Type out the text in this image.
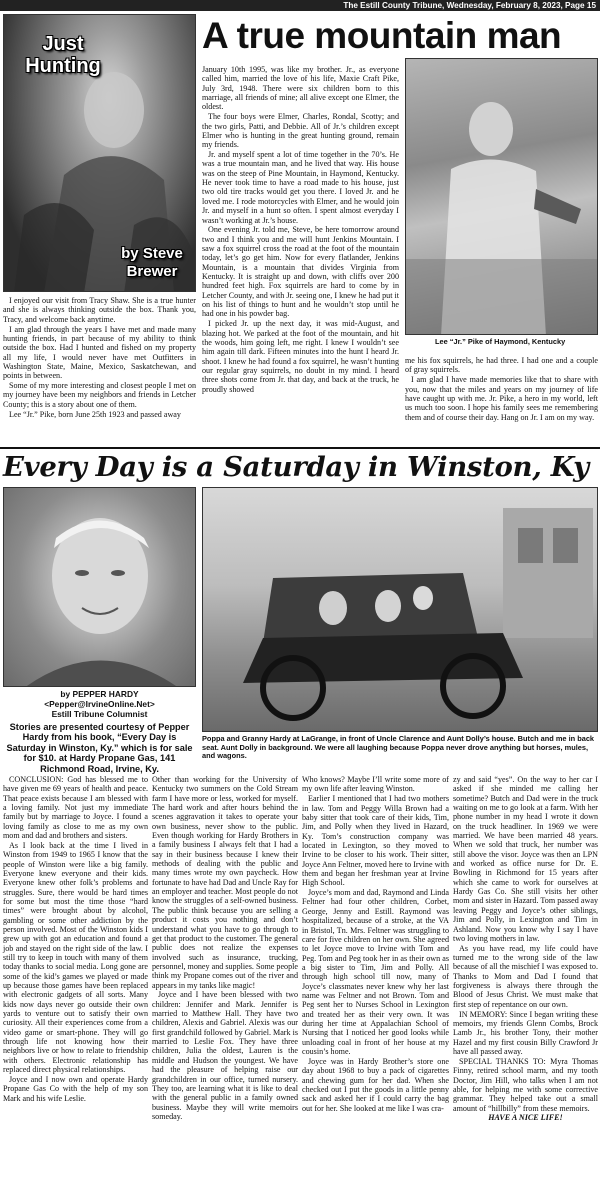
The Estill County Tribune, Wednesday, February 8, 2023, Page 15
Just Hunting
by Steve Brewer
A true mountain man
Lee “Jr.” Pike of Haymond, Kentucky

I enjoyed our visit from Tracy Shaw. She is a true hunter and she is always thinking outside the box. Thank you, Tracy, and welcome back anytime.

I am glad through the years I have met and made many hunting friends, in part because of my ability to think outside the box. Had I hunted and fished on my property all my life, I would never have met Outfitters in Washington State, Maine, Mexico, Saskatchewan, and points in between.

Some of my more interesting and closest people I met on my journey have been my neighbors and friends in Letcher County; this is a story about one of them.

Lee “Jr.” Pike, born June 25th 1923 and passed away

January 10th 1995, was like my brother. Jr., as everyone called him, married the love of his life, Maxie Craft Pike, July 3rd, 1948. There were six children born to this marriage, all friends of mine; all alive except one Elmer, the oldest.

The four boys were Elmer, Charles, Rondal, Scotty; and the two girls, Patti, and Debbie. All of Jr.’s children except Elmer who is hunting in the great hunting ground, remain my friends.

Jr. and myself spent a lot of time together in the 70’s. He was a true mountain man, and he lived that way. His house was on the steep of Pine Mountain, in Haymond, Kentucky. He never took time to have a road made to his house, just two old tire tracks would get you there. I loved Jr. and he loved me. I rode motorcycles with Elmer, and he would join Jr. and myself in a hunt so often. I spent almost everyday I wasn’t working at Jr.’s house.

One evening Jr. told me, Steve, be here tomorrow around two and I think you and me will hunt Jenkins Mountain. I saw a fox squirrel cross the road at the foot of the mountain today, let’s go get him. Now for every flatlander, Jenkins Mountain, is a mountain that divides Virginia from Kentucky. It is straight up and down, with cliffs over 200 hundred feet high. Fox squirrels are hard to come by in Letcher County, and with Jr. seeing one, I knew he had put it on his list of things to hunt and he wouldn’t stop until he had one in his powder bag.

I picked Jr. up the next day, it was mid-August, and blazing hot. We parked at the foot of the mountain, and hit the woods, him going left, me right. I knew I wouldn’t see him again till dark. Fifteen minutes into the hunt I heard Jr. shoot. I knew he had found a fox squirrel, he wasn’t hunting our regular gray squirrels, no doubt in my mind. I heard three shots come from Jr. that day, and back at the truck, he proudly showed

me his fox squirrels, he had three. I had one and a couple of gray squirrels.

I am glad I have made memories like that to share with you, now that the miles and years on my journey of life have caught up with me. Jr. Pike, a hero in my world, left us much too soon. I hope his family sees me remembering them and of course their day. Hang on Jr. I am on my way.

Every Day is a Saturday in Winston, Ky
by PEPPER HARDY
<Pepper@IrvineOnline.Net>
Estill Tribune Columnist
Stories are presented courtesy of Pepper Hardy from his book, “Every Day is Saturday in Winston, Ky.” which is for sale for $10. at Hardy Propane Gas, 141 Richmond Road, Irvine, Ky.
Poppa and Granny Hardy at LaGrange, in front of Uncle Clarence and Aunt Dolly’s house. Butch and me in back seat. Aunt Dolly in background. We were all laughing because Poppa never drove anything but horses, mules, and wagons.

CONCLUSION: God has blessed me to have given me 69 years of health and peace. That peace exists because I am blessed with a loving family. Not just my immediate family but by marriage to Joyce. I found a loving family as close to me as my own mom and dad and brothers and sisters.

As I look back at the time I lived in Winston from 1949 to 1965 I know that the people of Winston were like a big family. Everyone knew everyone and their kids. Everyone knew other folk’s problems and struggles. Sure, there would be hard times for some but most the time those “hard times” were brought about by alcohol, gambling or some other addiction by the person involved. Most of the Winston kids I grew up with got an education and found a job and stayed on the right side of the law. I still try to keep in touch with many of them today thanks to social media. Long gone are some of the kid’s games we played or made up because those games have been replaced with electronic gadgets of all sorts. Many kids now days never go outside their own yards to venture out to satisfy their own curiosity. All their experiences come from a video game or smart-phone. They will go through life not knowing how their neighbors live or how to relate to friendship with others. Electronic relationship has replaced direct physical relationships.

Joyce and I now own and operate Hardy Propane Gas Co with the help of my son Mark and his wife Leslie.

Other than working for the University of Kentucky two summers on the Cold Stream farm I have more or less, worked for myself. The hard work and after hours behind the scenes aggravation it takes to operate your own business, never show to the public. Even though working for Hardy Brothers in a family business I always felt that I had a say in their business because I knew their methods of dealing with the public and many times wrote my own paycheck. How fortunate to have had Dad and Uncle Ray for an employer and teacher. Most people do not know the struggles of a self-owned business. The public think because you are selling a product it costs you nothing and don’t understand what you have to go through to get that product to the customer. The general public does not realize the expenses involved such as insurance, trucking, personnel, money and supplies. Some people think my Propane comes out of the river and appears in my tanks like magic!

Joyce and I have been blessed with two children: Jennifer and Mark. Jennifer is married to Matthew Hall. They have two children, Alexis and Gabriel. Alexis was our first grandchild followed by Gabriel. Mark is married to Leslie Fox. They have three children, Julia the oldest, Lauren is the middle and Hudson the youngest. We have had the pleasure of helping raise our grandchildren in our office, turned nursery. They too, are learning what it is like to deal with the general public in a family owned business. Maybe they will write memoirs someday.

Who knows? Maybe I’ll write some more of my own life after leaving Winston.

Earlier I mentioned that I had two mothers in law. Tom and Peggy Willa Brown had a baby sitter that took care of their kids, Tim, Jim, and Polly when they lived in Hazard, Ky. Tom’s construction company was located in Lexington, so they moved to Irvine to be closer to his work. Their sitter, Joyce Ann Feltner, moved here to Irvine with them and began her freshman year at Irvine High School.

Joyce’s mom and dad, Raymond and Linda Feltner had four other children, Corbet, George, Jenny and Estill. Raymond was hospitalized, because of a stroke, at the VA in Bristol, Tn. Mrs. Feltner was struggling to care for five children on her own. She agreed to let Joyce move to Irvine with Tom and Peg. Tom and Peg took her in as their own as a big sister to Tim, Jim and Polly. All through high school till now, many of Joyce’s classmates never knew why her last name was Feltner and not Brown. Tom and Peg sent her to Nurses School in Lexington and treated her as their very own. It was during her time at Appalachian School of Nursing that I noticed her good looks while unloading coal in front of her house at my cousin’s home.

Joyce was in Hardy Brother’s store one day about 1968 to buy a pack of cigarettes and chewing gum for her dad. When she checked out I put the goods in a little penny sack and asked her if I could carry the bag out for her. She looked at me like I was cra-

zy and said “yes”. On the way to her car I asked if she minded me calling her sometime? Butch and Dad were in the truck waiting on me to go look at a farm. With her phone number in my head I wrote it down on the truck headliner. In 1969 we were married. We have been married 48 years. When we sold that truck, her number was still above the visor. Joyce was then an LPN and worked as office nurse for Dr. E. Bowling in Richmond for 15 years after which she came to work for ourselves at Hardy Gas Co. She still visits her other mom and sister in Hazard. Tom passed away leaving Peggy and Joyce’s other siblings, Jim and Polly, in Lexington and Tim in Ashland. Now you know why I say I have two loving mothers in law.

As you have read, my life could have turned me to the wrong side of the law because of all the mischief I was exposed to. Thanks to Mom and Dad I found that forgiveness is always there through the Blood of Jesus Christ. We must make that first step of repentance on our own.

IN MEMORY: Since I began writing these memoirs, my friends Glenn Combs, Brock Lamb Jr., his brother Tony, their mother Hazel and my first cousin Billy Crawford Jr have all passed away.

SPECIAL THANKS TO: Myra Thomas Finny, retired school marm, and my tooth Doctor, Jim Hill, who talks when I am not able, for helping me with some corrective grammar. They helped take out a small amount of “hillbilly” from these memoirs.

HAVE A NICE LIFE!
